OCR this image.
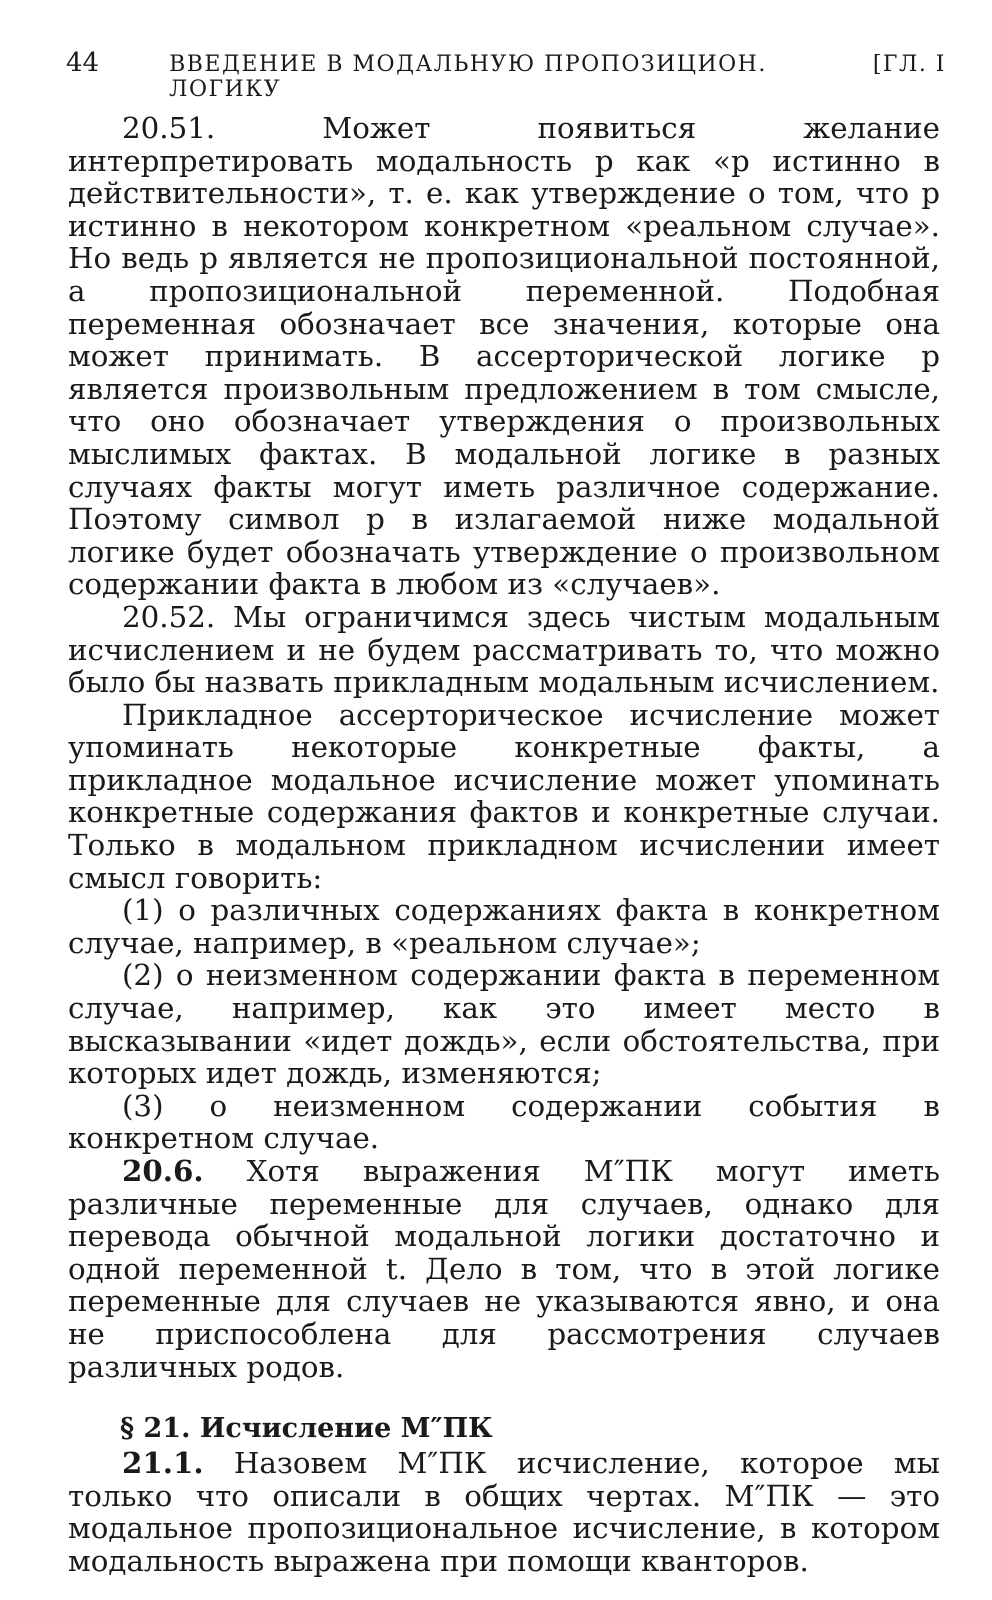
44	ВВЕДЕНИЕ В МОДАЛЬНУЮ ПРОПОЗИЦИОН. ЛОГИКУ
[ГЛ. I

20.51.	Может появиться желание интерпретировать модальность p как «p истинно в действительности», т. е. как утверждение о том, что p истинно в некотором конкретном «реальном случае». Но ведь p является не пропозициональной постоянной, а пропозициональной переменной. Подобная переменная обозначает все значения, которые она может принимать. В ассерторической логике p является произвольным предложением в том смысле, что оно обозначает утверждения о произвольных мыслимых фактах. В модальной логике в разных случаях факты могут иметь различное содержание. Поэтому символ p в излагаемой ниже модальной логике будет обозначать утверждение о произвольном содержании факта в любом из «случаев».

20.52. Мы ограничимся здесь чистым модальным исчислением и не будем рассматривать то, что можно было бы назвать прикладным модальным исчислением.

Прикладное ассерторическое исчисление может упоминать некоторые конкретные факты, а прикладное модальное исчисление может упоминать конкретные содержания фактов и конкретные случаи. Только в модальном прикладном исчислении имеет смысл говорить:

(1) о различных содержаниях факта в конкретном случае, например, в «реальном случае»;

(2) о неизменном содержании факта в переменном случае, например, как это имеет место в высказывании «идет дождь», если обстоятельства, при которых идет дождь, изменяются;

(3) о неизменном содержании события в конкретном случае.

20.6. Хотя выражения M″ПК могут иметь различные переменные для случаев, однако для перевода обычной модальной логики достаточно и одной переменной t. Дело в том, что в этой логике переменные для случаев не указываются явно, и она не приспособлена для рассмотрения случаев различных родов.

§ 21. Исчисление M″ПК

21.1. Назовем M″ПК исчисление, которое мы только что описали в общих чертах. M″ПК — это модальное пропозициональное исчисление, в котором модальность выражена при помощи кванторов.
